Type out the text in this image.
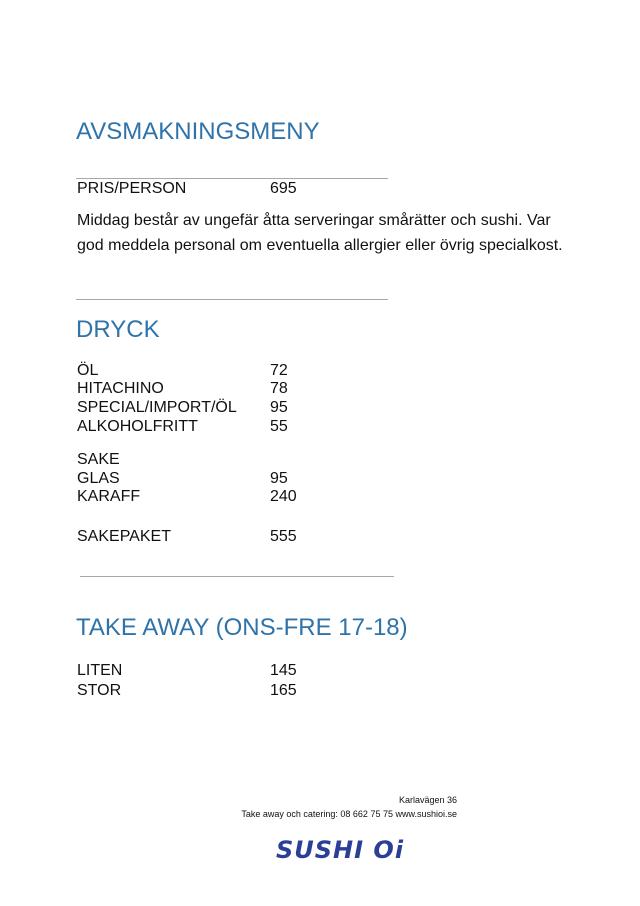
AVSMAKNINGSMENY
PRIS/PERSON	695
Middag består av ungefär åtta serveringar smårätter och sushi. Var god meddela personal om eventuella allergier eller övrig specialkost.
DRYCK
ÖL	72
HITACHINO	78
SPECIAL/IMPORT/ÖL 95
ALKOHOLFRITT	55
SAKE
GLAS	95
KARAFF	240
SAKEPAKET	555
TAKE AWAY (ONS-FRE 17-18)
LITEN	145
STOR	165
Karlavägen 36
Take away och catering: 08 662 75 75 www.sushioi.se
SUSHI Oi
